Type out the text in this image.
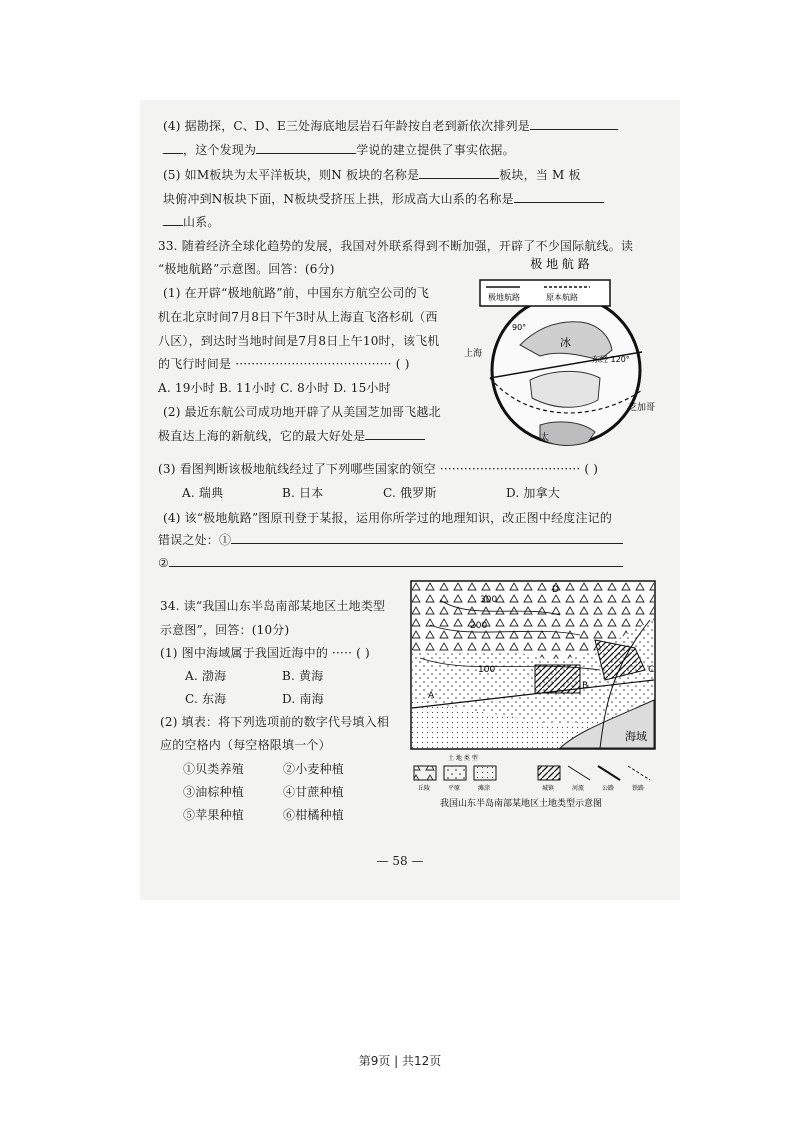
(4) 据勘探，C、D、E三处海底地层岩石年龄按自老到新依次排列是
，这个发现为	学说的建立提供了事实依据。
(5) 如M板块为太平洋板块，则N 板块的名称是	板块，当 M 板
块俯冲到N板块下面，N板块受挤压上拱，形成高大山系的名称是
山系。
33. 随着经济全球化趋势的发展，我国对外联系得到不断加强，开辟了不少国际航线。读
“极地航路”示意图。回答：(6分)
(1) 在开辟“极地航路”前，中国东方航空公司的飞
机在北京时间7月8日下午3时从上海直飞洛杉矶（西
八区），到达时当地时间是7月8日上午10时，该飞机
的飞行时间是 ······································· ( )
A. 19小时 B. 11小时 C. 8小时 D. 15小时
(2) 最近东航公司成功地开辟了从美国芝加哥飞越北
极直达上海的新航线，它的最大好处是
极 地 航 路
极地航路	原本航路
90°
东经 120°
冰
上海
芝加哥
太
(3) 看图判断该极地航线经过了下列哪些国家的领空 ··································· ( )
A. 瑞典	B. 日本	C. 俄罗斯	D. 加拿大
(4) 该“极地航路”图原刊登于某报，运用你所学过的地理知识，改正图中经度注记的
错误之处：①
②
34. 读“我国山东半岛南部某地区土地类型
示意图”，回答：(10分)
(1) 图中海域属于我国近海中的 ····· ( )
A. 渤海	B. 黄海
C. 东海	D. 南海
(2) 填表：将下列选项前的数字代号填入相
应的空格内（每空格限填一个）
①贝类养殖	②小麦种植
③油棕种植	④甘蔗种植
⑤苹果种植	⑥柑橘种植
300
200
100
A
B
C
D
海域
土 地 类 型
丘陵	平原	滩涂	城镇	河流	公路	铁路
我国山东半岛南部某地区土地类型示意图
— 58 —
第9页 | 共12页
